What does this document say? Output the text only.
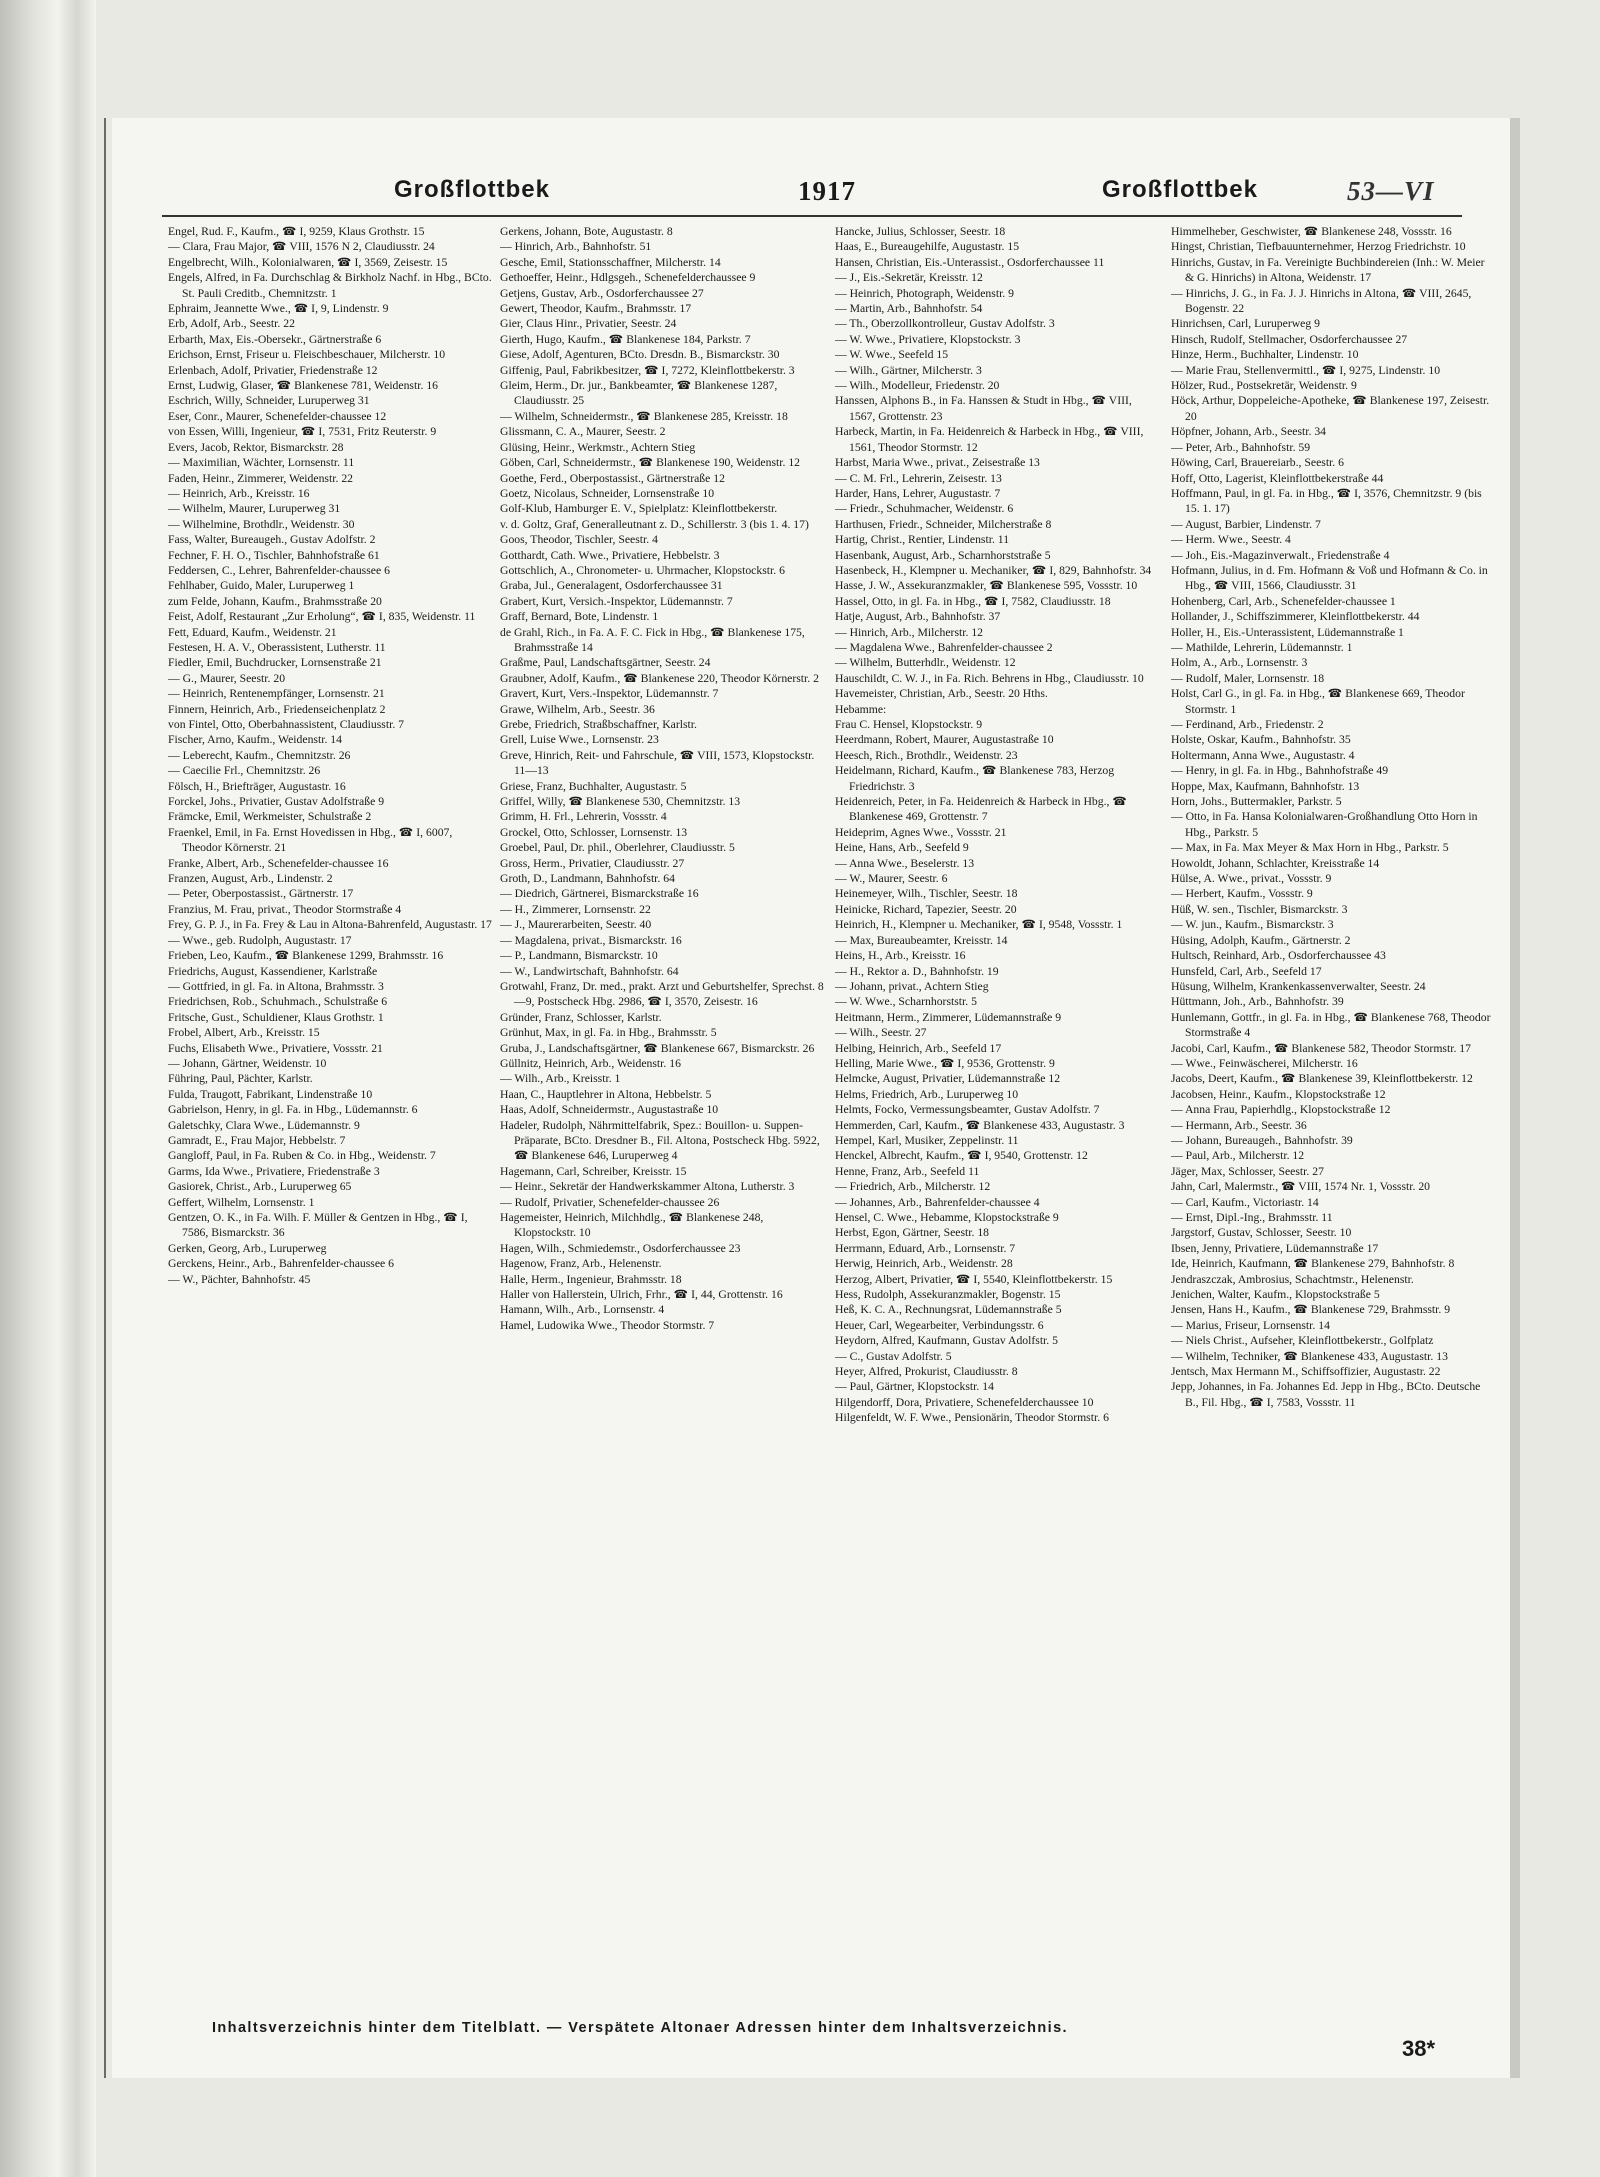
Großflottbek	1917	Großflottbek	53—VI

Engel, Rud. F., Kaufm., ☎ I, 9259, Klaus Grothstr. 15

— Clara, Frau Major, ☎ VIII, 1576 N 2, Claudiusstr. 24

Engelbrecht, Wilh., Kolonialwaren, ☎ I, 3569, Zeisestr. 15

Engels, Alfred, in Fa. Durchschlag & Birkholz Nachf. in Hbg., BCto. St. Pauli Creditb., Chemnitzstr. 1

Ephraim, Jeannette Wwe., ☎ I, 9, Lindenstr. 9

Erb, Adolf, Arb., Seestr. 22

Erbarth, Max, Eis.-Obersekr., Gärtnerstraße 6

Erichson, Ernst, Friseur u. Fleischbeschauer, Milcherstr. 10

Erlenbach, Adolf, Privatier, Friedenstraße 12

Ernst, Ludwig, Glaser, ☎ Blankenese 781, Weidenstr. 16

Eschrich, Willy, Schneider, Luruperweg 31

Eser, Conr., Maurer, Schenefelder-chaussee 12

von Essen, Willi, Ingenieur, ☎ I, 7531, Fritz Reuterstr. 9

Evers, Jacob, Rektor, Bismarckstr. 28

— Maximilian, Wächter, Lornsenstr. 11

Faden, Heinr., Zimmerer, Weidenstr. 22

— Heinrich, Arb., Kreisstr. 16

— Wilhelm, Maurer, Luruperweg 31

— Wilhelmine, Brothdlr., Weidenstr. 30

Fass, Walter, Bureaugeh., Gustav Adolfstr. 2

Fechner, F. H. O., Tischler, Bahnhofstraße 61

Feddersen, C., Lehrer, Bahrenfelder-chaussee 6

Fehlhaber, Guido, Maler, Luruperweg 1

zum Felde, Johann, Kaufm., Brahmsstraße 20

Feist, Adolf, Restaurant „Zur Erholung“, ☎ I, 835, Weidenstr. 11

Fett, Eduard, Kaufm., Weidenstr. 21

Festesen, H. A. V., Oberassistent, Lutherstr. 11

Fiedler, Emil, Buchdrucker, Lornsenstraße 21

— G., Maurer, Seestr. 20

— Heinrich, Rentenempfänger, Lornsenstr. 21

Finnern, Heinrich, Arb., Friedenseichenplatz 2

von Fintel, Otto, Oberbahnassistent, Claudiusstr. 7

Fischer, Arno, Kaufm., Weidenstr. 14

— Leberecht, Kaufm., Chemnitzstr. 26

— Caecilie Frl., Chemnitzstr. 26

Fölsch, H., Briefträger, Augustastr. 16

Forckel, Johs., Privatier, Gustav Adolfstraße 9

Främcke, Emil, Werkmeister, Schulstraße 2

Fraenkel, Emil, in Fa. Ernst Hovedissen in Hbg., ☎ I, 6007, Theodor Körnerstr. 21

Franke, Albert, Arb., Schenefelder-chaussee 16

Franzen, August, Arb., Lindenstr. 2

— Peter, Oberpostassist., Gärtnerstr. 17

Franzius, M. Frau, privat., Theodor Stormstraße 4

Frey, G. P. J., in Fa. Frey & Lau in Altona-Bahrenfeld, Augustastr. 17

— Wwe., geb. Rudolph, Augustastr. 17

Frieben, Leo, Kaufm., ☎ Blankenese 1299, Brahmsstr. 16

Friedrichs, August, Kassendiener, Karlstraße

— Gottfried, in gl. Fa. in Altona, Brahmsstr. 3

Friedrichsen, Rob., Schuhmach., Schulstraße 6

Fritsche, Gust., Schuldiener, Klaus Grothstr. 1

Frobel, Albert, Arb., Kreisstr. 15

Fuchs, Elisabeth Wwe., Privatiere, Vossstr. 21

— Johann, Gärtner, Weidenstr. 10

Führing, Paul, Pächter, Karlstr.

Fulda, Traugott, Fabrikant, Lindenstraße 10

Gabrielson, Henry, in gl. Fa. in Hbg., Lüdemannstr. 6

Galetschky, Clara Wwe., Lüdemannstr. 9

Gamradt, E., Frau Major, Hebbelstr. 7

Gangloff, Paul, in Fa. Ruben & Co. in Hbg., Weidenstr. 7

Garms, Ida Wwe., Privatiere, Friedenstraße 3

Gasiorek, Christ., Arb., Luruperweg 65

Geffert, Wilhelm, Lornsenstr. 1

Gentzen, O. K., in Fa. Wilh. F. Müller & Gentzen in Hbg., ☎ I, 7586, Bismarckstr. 36

Gerken, Georg, Arb., Luruperweg

Gerckens, Heinr., Arb., Bahrenfelder-chaussee 6

— W., Pächter, Bahnhofstr. 45

Gerkens, Johann, Bote, Augustastr. 8

— Hinrich, Arb., Bahnhofstr. 51

Gesche, Emil, Stationsschaffner, Milcherstr. 14

Gethoeffer, Heinr., Hdlgsgeh., Schenefelderchaussee 9

Getjens, Gustav, Arb., Osdorferchaussee 27

Gewert, Theodor, Kaufm., Brahmsstr. 17

Gier, Claus Hinr., Privatier, Seestr. 24

Gierth, Hugo, Kaufm., ☎ Blankenese 184, Parkstr. 7

Giese, Adolf, Agenturen, BCto. Dresdn. B., Bismarckstr. 30

Giffenig, Paul, Fabrikbesitzer, ☎ I, 7272, Kleinflottbekerstr. 3

Gleim, Herm., Dr. jur., Bankbeamter, ☎ Blankenese 1287, Claudiusstr. 25

— Wilhelm, Schneidermstr., ☎ Blankenese 285, Kreisstr. 18

Glissmann, C. A., Maurer, Seestr. 2

Glüsing, Heinr., Werkmstr., Achtern Stieg

Göben, Carl, Schneidermstr., ☎ Blankenese 190, Weidenstr. 12

Goethe, Ferd., Oberpostassist., Gärtnerstraße 12

Goetz, Nicolaus, Schneider, Lornsenstraße 10

Golf-Klub, Hamburger E. V., Spielplatz: Kleinflottbekerstr.

v. d. Goltz, Graf, Generalleutnant z. D., Schillerstr. 3 (bis 1. 4. 17)

Goos, Theodor, Tischler, Seestr. 4

Gotthardt, Cath. Wwe., Privatiere, Hebbelstr. 3

Gottschlich, A., Chronometer- u. Uhrmacher, Klopstockstr. 6

Graba, Jul., Generalagent, Osdorferchaussee 31

Grabert, Kurt, Versich.-Inspektor, Lüdemannstr. 7

Graff, Bernard, Bote, Lindenstr. 1

de Grahl, Rich., in Fa. A. F. C. Fick in Hbg., ☎ Blankenese 175, Brahmsstraße 14

Graßme, Paul, Landschaftsgärtner, Seestr. 24

Graubner, Adolf, Kaufm., ☎ Blankenese 220, Theodor Körnerstr. 2

Gravert, Kurt, Vers.-Inspektor, Lüdemannstr. 7

Grawe, Wilhelm, Arb., Seestr. 36

Grebe, Friedrich, Straßbschaffner, Karlstr.

Grell, Luise Wwe., Lornsenstr. 23

Greve, Hinrich, Reit- und Fahrschule, ☎ VIII, 1573, Klopstockstr. 11—13

Griese, Franz, Buchhalter, Augustastr. 5

Griffel, Willy, ☎ Blankenese 530, Chemnitzstr. 13

Grimm, H. Frl., Lehrerin, Vossstr. 4

Grockel, Otto, Schlosser, Lornsenstr. 13

Groebel, Paul, Dr. phil., Oberlehrer, Claudiusstr. 5

Gross, Herm., Privatier, Claudiusstr. 27

Groth, D., Landmann, Bahnhofstr. 64

— Diedrich, Gärtnerei, Bismarckstraße 16

— H., Zimmerer, Lornsenstr. 22

— J., Maurerarbeiten, Seestr. 40

— Magdalena, privat., Bismarckstr. 16

— P., Landmann, Bismarckstr. 10

— W., Landwirtschaft, Bahnhofstr. 64

Grotwahl, Franz, Dr. med., prakt. Arzt und Geburtshelfer, Sprechst. 8—9, Postscheck Hbg. 2986, ☎ I, 3570, Zeisestr. 16

Gründer, Franz, Schlosser, Karlstr.

Grünhut, Max, in gl. Fa. in Hbg., Brahmsstr. 5

Gruba, J., Landschaftsgärtner, ☎ Blankenese 667, Bismarckstr. 26

Güllnitz, Heinrich, Arb., Weidenstr. 16

— Wilh., Arb., Kreisstr. 1

Haan, C., Hauptlehrer in Altona, Hebbelstr. 5

Haas, Adolf, Schneidermstr., Augustastraße 10

Hadeler, Rudolph, Nährmittelfabrik, Spez.: Bouillon- u. Suppen-Präparate, BCto. Dresdner B., Fil. Altona, Postscheck Hbg. 5922, ☎ Blankenese 646, Luruperweg 4

Hagemann, Carl, Schreiber, Kreisstr. 15

— Heinr., Sekretär der Handwerkskammer Altona, Lutherstr. 3

— Rudolf, Privatier, Schenefelder-chaussee 26

Hagemeister, Heinrich, Milchhdlg., ☎ Blankenese 248, Klopstockstr. 10

Hagen, Wilh., Schmiedemstr., Osdorferchaussee 23

Hagenow, Franz, Arb., Helenenstr.

Halle, Herm., Ingenieur, Brahmsstr. 18

Haller von Hallerstein, Ulrich, Frhr., ☎ I, 44, Grottenstr. 16

Hamann, Wilh., Arb., Lornsenstr. 4

Hamel, Ludowika Wwe., Theodor Stormstr. 7

Hancke, Julius, Schlosser, Seestr. 18

Haas, E., Bureaugehilfe, Augustastr. 15

Hansen, Christian, Eis.-Unterassist., Osdorferchaussee 11

— J., Eis.-Sekretär, Kreisstr. 12

— Heinrich, Photograph, Weidenstr. 9

— Martin, Arb., Bahnhofstr. 54

— Th., Oberzollkontrolleur, Gustav Adolfstr. 3

— W. Wwe., Privatiere, Klopstockstr. 3

— W. Wwe., Seefeld 15

— Wilh., Gärtner, Milcherstr. 3

— Wilh., Modelleur, Friedenstr. 20

Hanssen, Alphons B., in Fa. Hanssen & Studt in Hbg., ☎ VIII, 1567, Grottenstr. 23

Harbeck, Martin, in Fa. Heidenreich & Harbeck in Hbg., ☎ VIII, 1561, Theodor Stormstr. 12

Harbst, Maria Wwe., privat., Zeisestraße 13

— C. M. Frl., Lehrerin, Zeisestr. 13

Harder, Hans, Lehrer, Augustastr. 7

— Friedr., Schuhmacher, Weidenstr. 6

Harthusen, Friedr., Schneider, Milcherstraße 8

Hartig, Christ., Rentier, Lindenstr. 11

Hasenbank, August, Arb., Scharnhorststraße 5

Hasenbeck, H., Klempner u. Mechaniker, ☎ I, 829, Bahnhofstr. 34

Hasse, J. W., Assekuranzmakler, ☎ Blankenese 595, Vossstr. 10

Hassel, Otto, in gl. Fa. in Hbg., ☎ I, 7582, Claudiusstr. 18

Hatje, August, Arb., Bahnhofstr. 37

— Hinrich, Arb., Milcherstr. 12

— Magdalena Wwe., Bahrenfelder-chaussee 2

— Wilhelm, Butterhdlr., Weidenstr. 12

Hauschildt, C. W. J., in Fa. Rich. Behrens in Hbg., Claudiusstr. 10

Havemeister, Christian, Arb., Seestr. 20 Hths.

Hebamme:

Frau C. Hensel, Klopstockstr. 9

Heerdmann, Robert, Maurer, Augustastraße 10

Heesch, Rich., Brothdlr., Weidenstr. 23

Heidelmann, Richard, Kaufm., ☎ Blankenese 783, Herzog Friedrichstr. 3

Heidenreich, Peter, in Fa. Heidenreich & Harbeck in Hbg., ☎ Blankenese 469, Grottenstr. 7

Heideprim, Agnes Wwe., Vossstr. 21

Heine, Hans, Arb., Seefeld 9

— Anna Wwe., Beselerstr. 13

— W., Maurer, Seestr. 6

Heinemeyer, Wilh., Tischler, Seestr. 18

Heinicke, Richard, Tapezier, Seestr. 20

Heinrich, H., Klempner u. Mechaniker, ☎ I, 9548, Vossstr. 1

— Max, Bureaubeamter, Kreisstr. 14

Heins, H., Arb., Kreisstr. 16

— H., Rektor a. D., Bahnhofstr. 19

— Johann, privat., Achtern Stieg

— W. Wwe., Scharnhorststr. 5

Heitmann, Herm., Zimmerer, Lüdemannstraße 9

— Wilh., Seestr. 27

Helbing, Heinrich, Arb., Seefeld 17

Helling, Marie Wwe., ☎ I, 9536, Grottenstr. 9

Helmcke, August, Privatier, Lüdemannstraße 12

Helms, Friedrich, Arb., Luruperweg 10

Helmts, Focko, Vermessungsbeamter, Gustav Adolfstr. 7

Hemmerden, Carl, Kaufm., ☎ Blankenese 433, Augustastr. 3

Hempel, Karl, Musiker, Zeppelinstr. 11

Henckel, Albrecht, Kaufm., ☎ I, 9540, Grottenstr. 12

Henne, Franz, Arb., Seefeld 11

— Friedrich, Arb., Milcherstr. 12

— Johannes, Arb., Bahrenfelder-chaussee 4

Hensel, C. Wwe., Hebamme, Klopstockstraße 9

Herbst, Egon, Gärtner, Seestr. 18

Herrmann, Eduard, Arb., Lornsenstr. 7

Herwig, Heinrich, Arb., Weidenstr. 28

Herzog, Albert, Privatier, ☎ I, 5540, Kleinflottbekerstr. 15

Hess, Rudolph, Assekuranzmakler, Bogenstr. 15

Heß, K. C. A., Rechnungsrat, Lüdemannstraße 5

Heuer, Carl, Wegearbeiter, Verbindungsstr. 6

Heydorn, Alfred, Kaufmann, Gustav Adolfstr. 5

— C., Gustav Adolfstr. 5

Heyer, Alfred, Prokurist, Claudiusstr. 8

— Paul, Gärtner, Klopstockstr. 14

Hilgendorff, Dora, Privatiere, Schenefelderchaussee 10

Hilgenfeldt, W. F. Wwe., Pensionärin, Theodor Stormstr. 6

Himmelheber, Geschwister, ☎ Blankenese 248, Vossstr. 16

Hingst, Christian, Tiefbauunternehmer, Herzog Friedrichstr. 10

Hinrichs, Gustav, in Fa. Vereinigte Buchbindereien (Inh.: W. Meier & G. Hinrichs) in Altona, Weidenstr. 17

— Hinrichs, J. G., in Fa. J. J. Hinrichs in Altona, ☎ VIII, 2645, Bogenstr. 22

Hinrichsen, Carl, Luruperweg 9

Hinsch, Rudolf, Stellmacher, Osdorferchaussee 27

Hinze, Herm., Buchhalter, Lindenstr. 10

— Marie Frau, Stellenvermittl., ☎ I, 9275, Lindenstr. 10

Hölzer, Rud., Postsekretär, Weidenstr. 9

Höck, Arthur, Doppeleiche-Apotheke, ☎ Blankenese 197, Zeisestr. 20

Höpfner, Johann, Arb., Seestr. 34

— Peter, Arb., Bahnhofstr. 59

Höwing, Carl, Brauereiarb., Seestr. 6

Hoff, Otto, Lagerist, Kleinflottbekerstraße 44

Hoffmann, Paul, in gl. Fa. in Hbg., ☎ I, 3576, Chemnitzstr. 9 (bis 15. 1. 17)

— August, Barbier, Lindenstr. 7

— Herm. Wwe., Seestr. 4

— Joh., Eis.-Magazinverwalt., Friedenstraße 4

Hofmann, Julius, in d. Fm. Hofmann & Voß und Hofmann & Co. in Hbg., ☎ VIII, 1566, Claudiusstr. 31

Hohenberg, Carl, Arb., Schenefelder-chaussee 1

Hollander, J., Schiffszimmerer, Kleinflottbekerstr. 44

Holler, H., Eis.-Unterassistent, Lüdemannstraße 1

— Mathilde, Lehrerin, Lüdemannstr. 1

Holm, A., Arb., Lornsenstr. 3

— Rudolf, Maler, Lornsenstr. 18

Holst, Carl G., in gl. Fa. in Hbg., ☎ Blankenese 669, Theodor Stormstr. 1

— Ferdinand, Arb., Friedenstr. 2

Holste, Oskar, Kaufm., Bahnhofstr. 35

Holtermann, Anna Wwe., Augustastr. 4

— Henry, in gl. Fa. in Hbg., Bahnhofstraße 49

Hoppe, Max, Kaufmann, Bahnhofstr. 13

Horn, Johs., Buttermakler, Parkstr. 5

— Otto, in Fa. Hansa Kolonialwaren-Großhandlung Otto Horn in Hbg., Parkstr. 5

— Max, in Fa. Max Meyer & Max Horn in Hbg., Parkstr. 5

Howoldt, Johann, Schlachter, Kreisstraße 14

Hülse, A. Wwe., privat., Vossstr. 9

— Herbert, Kaufm., Vossstr. 9

Hüß, W. sen., Tischler, Bismarckstr. 3

— W. jun., Kaufm., Bismarckstr. 3

Hüsing, Adolph, Kaufm., Gärtnerstr. 2

Hultsch, Reinhard, Arb., Osdorferchaussee 43

Hunsfeld, Carl, Arb., Seefeld 17

Hüsung, Wilhelm, Krankenkassenverwalter, Seestr. 24

Hüttmann, Joh., Arb., Bahnhofstr. 39

Hunlemann, Gottfr., in gl. Fa. in Hbg., ☎ Blankenese 768, Theodor Stormstraße 4

Jacobi, Carl, Kaufm., ☎ Blankenese 582, Theodor Stormstr. 17

— Wwe., Feinwäscherei, Milcherstr. 16

Jacobs, Deert, Kaufm., ☎ Blankenese 39, Kleinflottbekerstr. 12

Jacobsen, Heinr., Kaufm., Klopstockstraße 12

— Anna Frau, Papierhdlg., Klopstockstraße 12

— Hermann, Arb., Seestr. 36

— Johann, Bureaugeh., Bahnhofstr. 39

— Paul, Arb., Milcherstr. 12

Jäger, Max, Schlosser, Seestr. 27

Jahn, Carl, Malermstr., ☎ VIII, 1574 Nr. 1, Vossstr. 20

— Carl, Kaufm., Victoriastr. 14

— Ernst, Dipl.-Ing., Brahmsstr. 11

Jargstorf, Gustav, Schlosser, Seestr. 10

Ibsen, Jenny, Privatiere, Lüdemannstraße 17

Ide, Heinrich, Kaufmann, ☎ Blankenese 279, Bahnhofstr. 8

Jendraszczak, Ambrosius, Schachtmstr., Helenenstr.

Jenichen, Walter, Kaufm., Klopstockstraße 5

Jensen, Hans H., Kaufm., ☎ Blankenese 729, Brahmsstr. 9

— Marius, Friseur, Lornsenstr. 14

— Niels Christ., Aufseher, Kleinflottbekerstr., Golfplatz

— Wilhelm, Techniker, ☎ Blankenese 433, Augustastr. 13

Jentsch, Max Hermann M., Schiffsoffizier, Augustastr. 22

Jepp, Johannes, in Fa. Johannes Ed. Jepp in Hbg., BCto. Deutsche B., Fil. Hbg., ☎ I, 7583, Vossstr. 11

Inhaltsverzeichnis hinter dem Titelblatt. — Verspätete Altonaer Adressen hinter dem Inhaltsverzeichnis.
38*
